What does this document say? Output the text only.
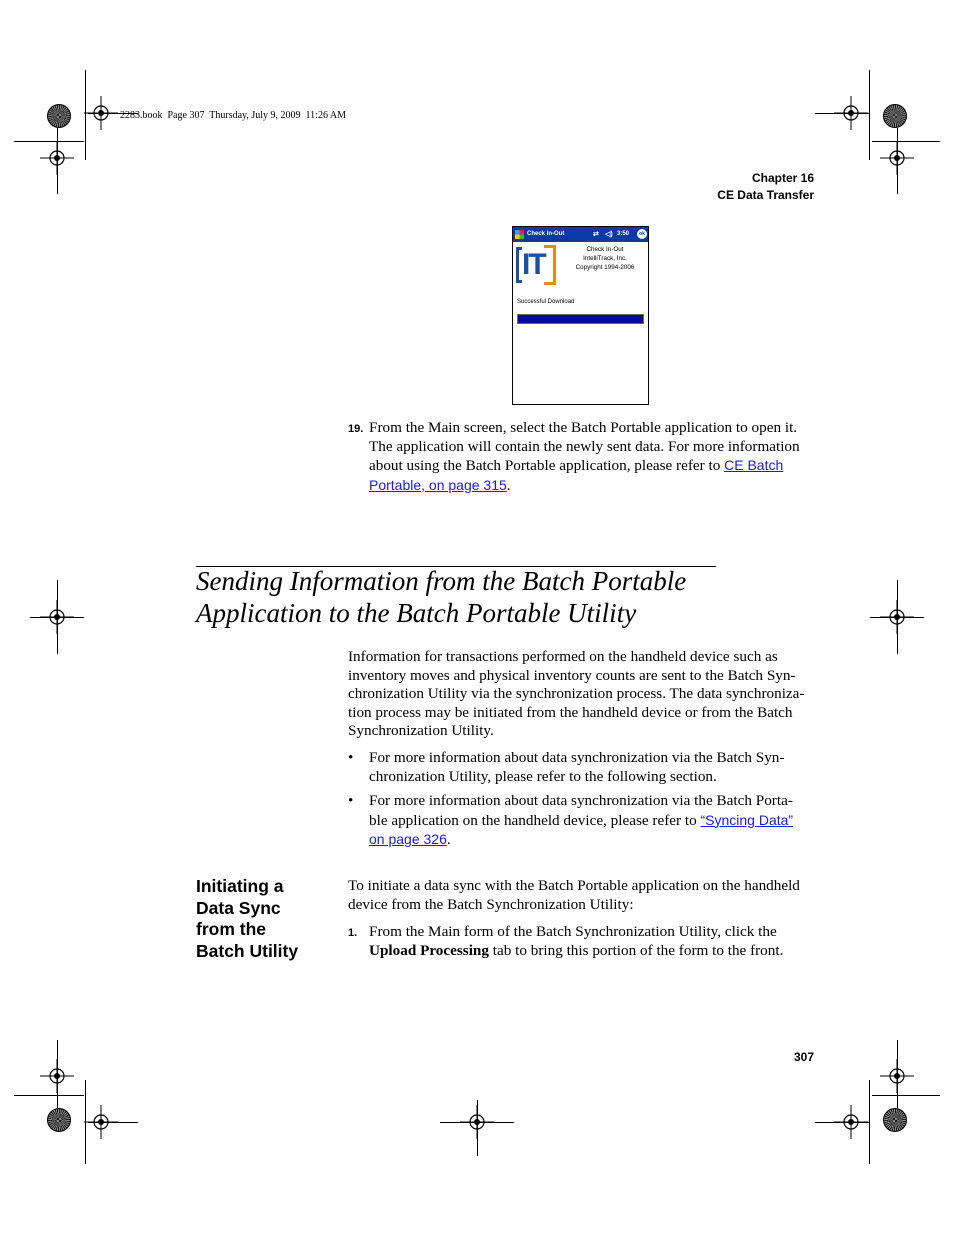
2283.book  Page 307  Thursday, July 9, 2009  11:26 AM
Chapter 16
CE Data Transfer
Check In-Out	⇄ ◁) 3:50	ok
IT	Check In-Out
IntelliTrack, Inc.
Copyright 1994-2006
Successful Download
19. From the Main screen, select the Batch Portable application to open it.
The application will contain the newly sent data. For more information
about using the Batch Portable application, please refer to CE Batch
Portable, on page 315.
Sending Information from the Batch Portable
Application to the Batch Portable Utility
Information for transactions performed on the handheld device such as
inventory moves and physical inventory counts are sent to the Batch Syn-
chronization Utility via the synchronization process. The data synchroniza-
tion process may be initiated from the handheld device or from the Batch
Synchronization Utility.
• For more information about data synchronization via the Batch Syn-
chronization Utility, please refer to the following section.
• For more information about data synchronization via the Batch Porta-
ble application on the handheld device, please refer to “Syncing Data”
on page 326.
Initiating a
Data Sync
from the
Batch Utility
To initiate a data sync with the Batch Portable application on the handheld
device from the Batch Synchronization Utility:
1. From the Main form of the Batch Synchronization Utility, click the
Upload Processing tab to bring this portion of the form to the front.
307
